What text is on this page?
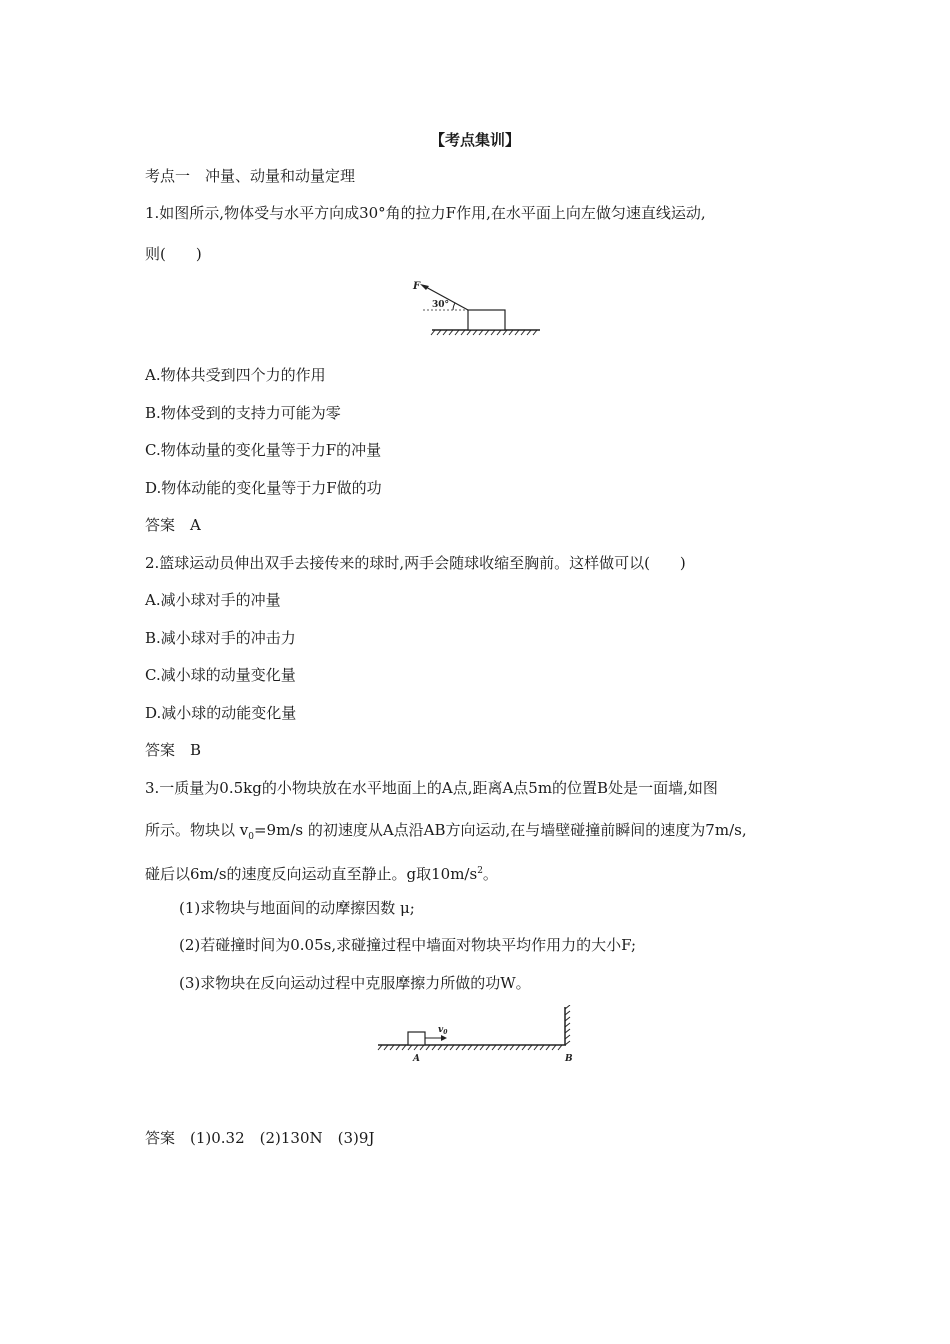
【考点集训】
考点一　冲量、动量和动量定理
1.如图所示,物体受与水平方向成30°角的拉力F作用,在水平面上向左做匀速直线运动,
则(　　)
F
30°
A.物体共受到四个力的作用
B.物体受到的支持力可能为零
C.物体动量的变化量等于力F的冲量
D.物体动能的变化量等于力F做的功
答案　A
2.篮球运动员伸出双手去接传来的球时,两手会随球收缩至胸前。这样做可以(　　)
A.减小球对手的冲量
B.减小球对手的冲击力
C.减小球的动量变化量
D.减小球的动能变化量
答案　B
3.一质量为0.5kg的小物块放在水平地面上的A点,距离A点5m的位置B处是一面墙,如图
所示。物块以 $v_0=9m/s$ 的初速度从A点沿AB方向运动,在与墙壁碰撞前瞬间的速度为7m/s,
碰后以6m/s的速度反向运动直至静止。g取$10m/s^2$。
(1)求物块与地面间的动摩擦因数 μ;
(2)若碰撞时间为0.05s,求碰撞过程中墙面对物块平均作用力的大小F;
(3)求物块在反向运动过程中克服摩擦力所做的功W。
$v_0$
A	B
答案　(1)0.32　(2)130N　(3)9J
